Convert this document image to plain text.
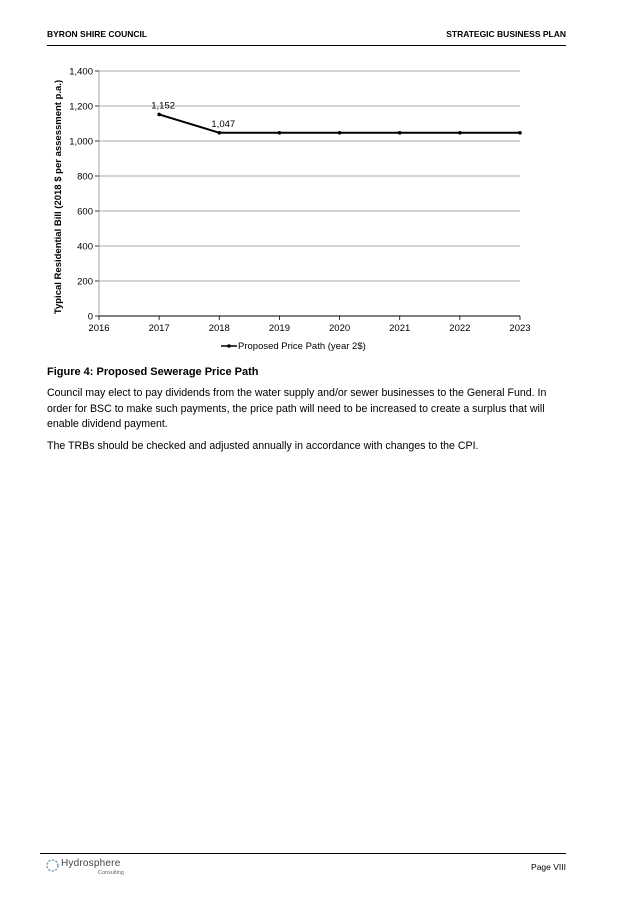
BYRON SHIRE COUNCIL	STRATEGIC BUSINESS PLAN
0
200
400
600
800
1,000
1,200
1,400
2016	2017	2018	2019	2020	2021	2022	2023
1,152
1,047
Typical Residential Bill (2018 $ per assessment p.a.)
Proposed Price Path (year 2$)
Figure 4: Proposed Sewerage Price Path
Council may elect to pay dividends from the water supply and/or sewer businesses to the General Fund. In order for BSC to make such payments, the price path will need to be increased to create a surplus that will enable dividend payment.
The TRBs should be checked and adjusted annually in accordance with changes to the CPI.
Hydrosphere
Consulting
Page VIII
